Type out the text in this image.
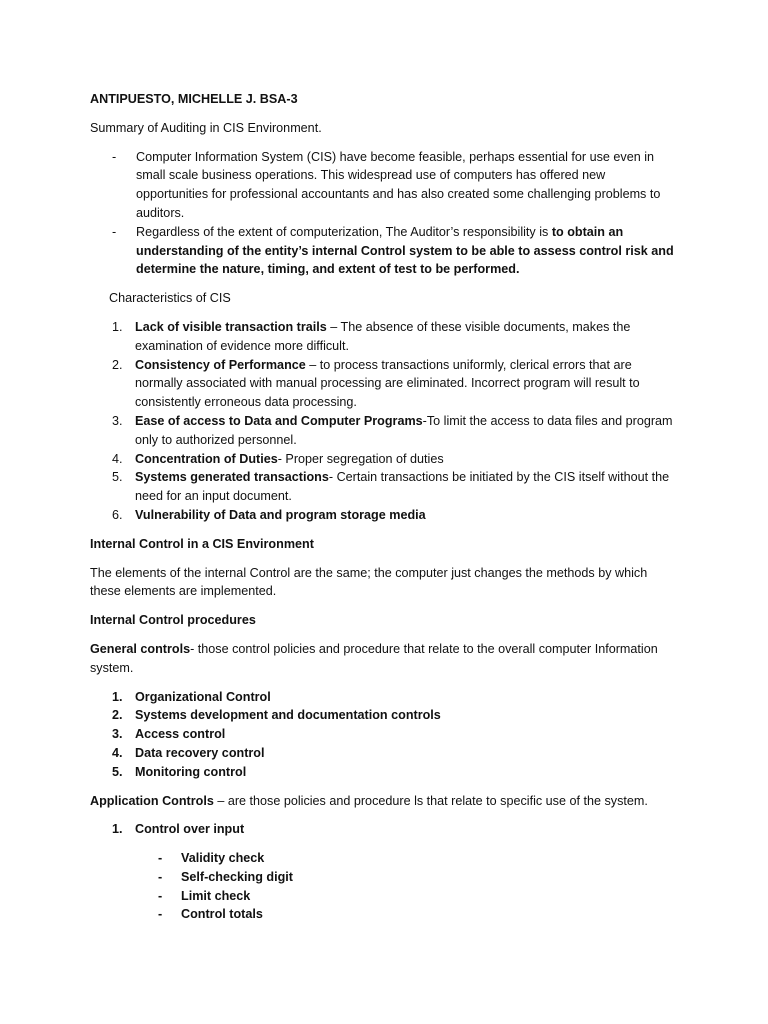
ANTIPUESTO, MICHELLE J. BSA-3

Summary of Auditing in CIS Environment.

- Computer Information System (CIS) have become feasible, perhaps essential for use even in small scale business operations. This widespread use of computers has offered new opportunities for professional accountants and has also created some challenging problems to auditors.
- Regardless of the extent of computerization, The Auditor’s responsibility is to obtain an understanding of the entity’s internal Control system to be able to assess control risk and determine the nature, timing, and extent of test to be performed.

Characteristics of CIS

1. Lack of visible transaction trails – The absence of these visible documents, makes the examination of evidence more difficult.
2. Consistency of Performance – to process transactions uniformly, clerical errors that are normally associated with manual processing are eliminated. Incorrect program will result to consistently erroneous data processing.
3. Ease of access to Data and Computer Programs-To limit the access to data files and program only to authorized personnel.
4. Concentration of Duties- Proper segregation of duties
5. Systems generated transactions- Certain transactions be initiated by the CIS itself without the need for an input document.
6. Vulnerability of Data and program storage media

Internal Control in a CIS Environment

The elements of the internal Control are the same; the computer just changes the methods by which these elements are implemented.

Internal Control procedures

General controls- those control policies and procedure that relate to the overall computer Information system.

1. Organizational Control
2. Systems development and documentation controls
3. Access control
4. Data recovery control
5. Monitoring control

Application Controls – are those policies and procedure ls that relate to specific use of the system.

1. Control over input
- Validity check
- Self-checking digit
- Limit check
- Control totals
